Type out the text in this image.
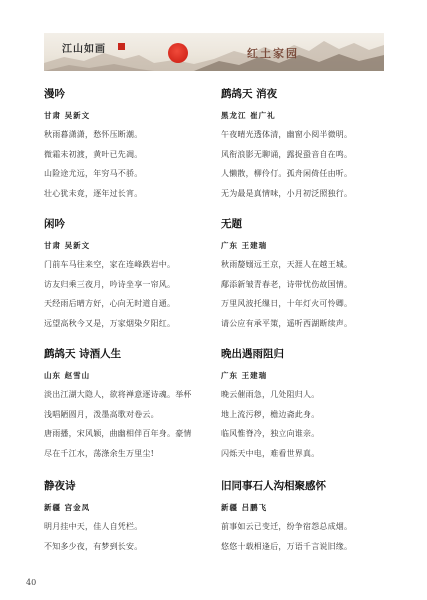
江山如画	红土家园
漫吟
甘肃 吴新文
秋雨暮潇潇，愁怀压断潮。
微霜未初渡，黄叶已先凋。
山险途尤远，年穷马不骄。
壮心犹未竟，逐年过长宵。
闲吟
甘肃 吴新文
门前车马往来空，家在连峰跌岩中。
访友归乘三夜月，吟诗坐享一帘风。
天经雨后晴方好，心向无时道自通。
远望高秋今又是，万家烟染夕阳红。
鹧鸪天 诗酒人生
山东 赵雪山
淡出江湖大隐人，欲将禅意逐诗魂。举杯
浅唱陋圆月，泼墨高歌对卷云。
唐雨播，宋风颖，曲幽相伴百年身。豪情
尽在千江水，荡涤余生万里尘!
静夜诗
新疆 宫金凤
明月挂中天，佳人自凭栏。
不知多少夜，有梦到长安。
鹧鸪天 消夜
黑龙江 崔广礼
午夜晴光透体清，幽窗小阅半微明。
风衔浪影无聊诵，露捉蛩音自在鸣。
人懒散，柳伶仃。孤舟闲倚任由听。
无为最是真情味，小月初泛照独行。
无题
广东 王建瑞
秋雨嫠嫋远王京，天涯人在越王城。
鄅添新皱青春老，诗带忧伤故国情。
万里风波托缫日，十年灯火可怜卿。
请公应有承平策，遥听西湖断续声。
晚出遇雨阻归
广东 王建瑞
晚云催雨急，几处阻归人。
地上流污秽，檐边斋此身。
临风惟脊冷，独立向谁亲。
闪烁天中电，难看世界真。
旧同事石人沟相聚感怀
新疆 吕鹏飞
前事如云已变迁，纷争宿怨总成烟。
悠悠十载相逢后，万语千言说旧缘。
40
